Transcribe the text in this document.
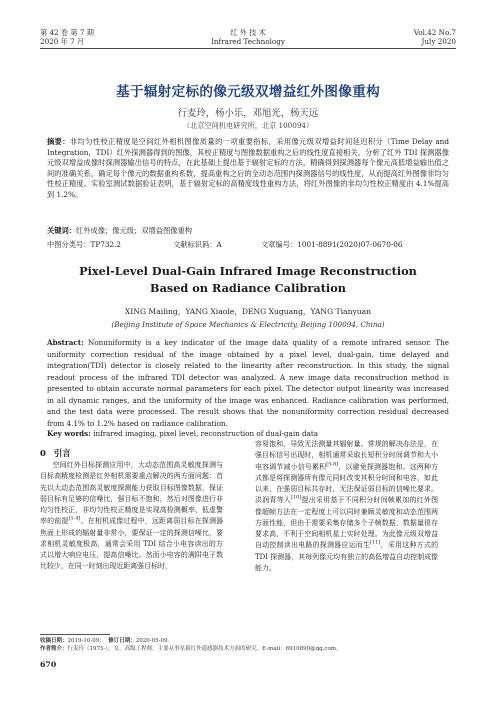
第 42 卷 第 7 期
2020 年 7 月
红 外 技 术
Infrared Technology
Vol.42 No.7
July 2020
基于辐射定标的像元级双增益红外图像重构
行麦玲，杨小乐，邓旭光，杨天远
（北京空间机电研究所，北京 100094）

摘要：非均匀性校正精度是空间红外相机图像质量的一项重要指标，采用像元级双增益时间延迟积分（Time Delay and Integration，TDI）红外探测器得到的图像，其校正精度与图像数据重构之后的线性度直接相关。分析了红外 TDI 探测器像元级双增益成像时探测器输出信号的特点，在此基础上提出基于辐射定标的方法，精确得到探测器每个像元高低增益输出值之间的准确关系，确定每个像元的数据重构系数，提高重构之后的全动态范围内探测器信号的线性度，从而提高红外图像非均匀性校正精度。实验室测试数据验证表明，基于辐射定标的高精度线性重构方法，将红外图像的非均匀性校正精度由 4.1%提高到 1.2%。

关键词：红外成像；像元级；双增益图像重构
中图分类号：TP732.2	文献标识码：A	文章编号：1001-8891(2020)07-0670-06
Pixel-Level Dual-Gain Infrared Image Reconstruction
Based on Radiance Calibration
XING Mailing，YANG Xiaole，DENG Xuguang，YANG Tianyuan
(Beijing Institute of Space Mechanics & Electricity, Beijing 100094, China)

Abstract: Nonuniformity is a key indicator of the image data quality of a remote infrared sensor. The uniformity correction residual of the image obtained by a pixel level, dual-gain, time delayed and integration(TDI) detector is closely related to the linearity after reconstruction. In this study, the signal readout process of the infrared TDI detector was analyzed. A new image data reconstruction method is presented to obtain accurate normal parameters for each pixel. The detector output linearity was increased in all dynamic ranges, and the uniformity of the image was enhanced. Radiance calibration was performed, and the test data were processed. The result shows that the nonuniformity correction residual decreased from 4.1% to 1.2% based on radiance calibration.

Key words: infrared imaging, pixel level, reconstruction of dual-gain data
0 引言

空间红外目标探测应用中，大动态范围高灵敏度探测与目标高精度检测是红外相机需要重点解决的两方面问题：首先以大动态范围高灵敏度探测能力获取目标图像数据，保证弱目标有足够的信噪比，强目标不饱和，然后对图像进行非均匀性校正，非均匀性校正精度是实现高检测概率、低虚警率的前提[1-4]。在相机成像过程中，远距离弱目标在探测器焦面上形成的辐射量非常小，要保证一定的探测信噪比，要求相机灵敏度极高，通常会采用 TDI 结合小电容读出的方式以增大响应电压，提高信噪比。然而小电容的满阱电子数比较少，在同一时刻出现近距离强目标时，

容易饱和，导致无法测量其辐射量。常规的解决办法是，在强目标信号出现时，相机通常采取长短积分时间调节和大小电容调节减小信号累积[5-8]，以避免探测器饱和。这两种方式都是将探测器所有像元同时改变其积分时间和电容，如此以来，在强弱目标共存时，无法保证弱目标的信噪比要求。洪润青等人[10]提出采用基于不同积分时间帧累加的红外图像超帧方法在一定程度上可以同时兼顾灵敏度和动态范围两方面性能，但由于需要采集存储多个子帧数据，数据量很存要求高，不利于空间相机星上实时处理。为此像元级双增益自动控制读出电路的探测器应运而生[11]，采用这种方式的 TDI 探测器，其每列像元均有独立的高低增益自动控制成像能力。

收稿日期：2019-10-09； 修订日期：2020-05-09.
作者简介：行麦玲（1975-），女，高级工程师，主要从事星载红外遥感器技术方面的研究。E-mail：6910890@qq.com。
670
